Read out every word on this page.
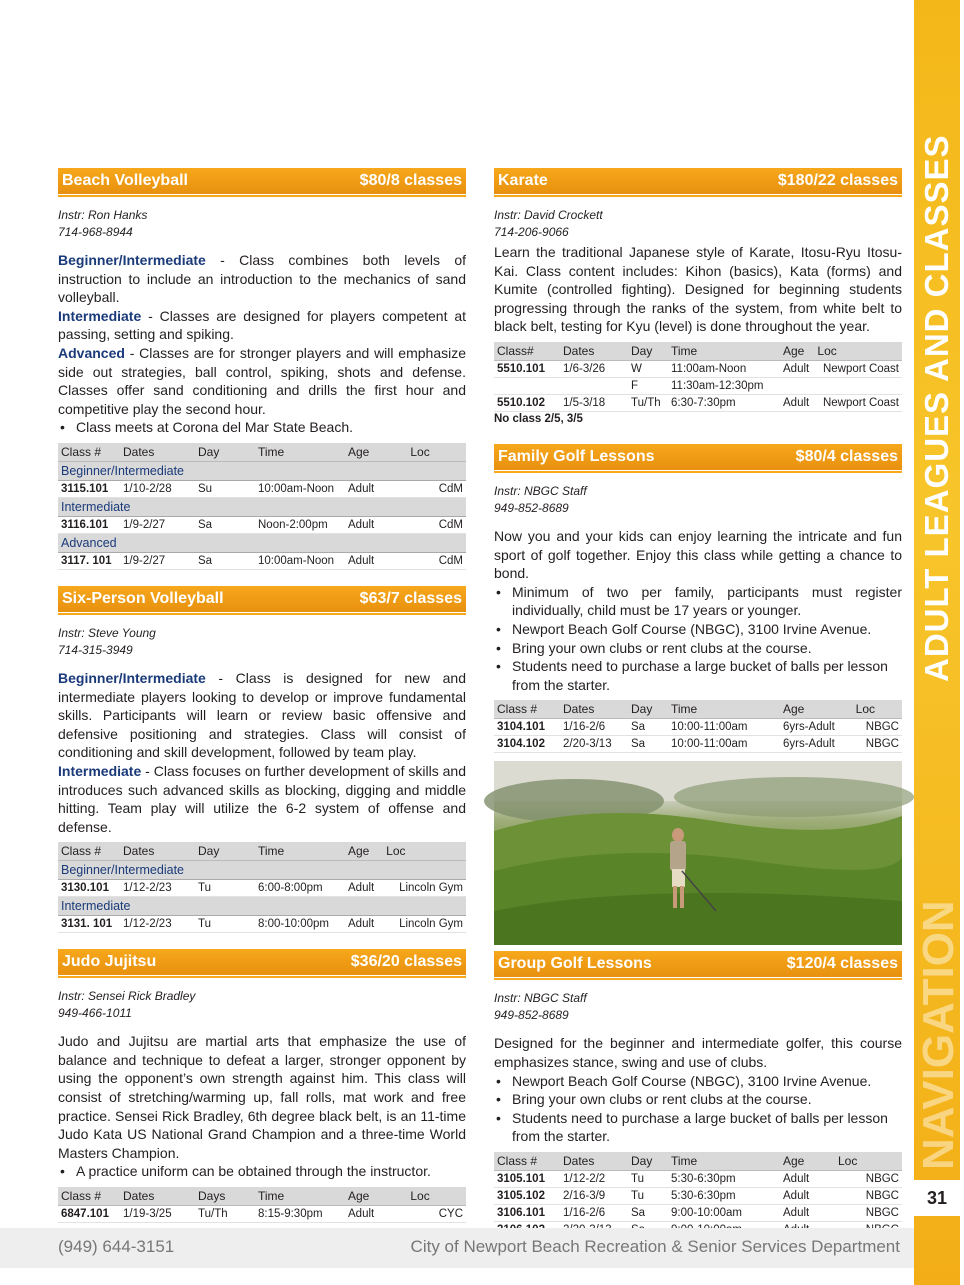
ADULT LEAGUES AND CLASSES
NAVIGATION
31
Beach Volleyball	$80/8 classes
Instr: Ron Hanks
714-968-8944
Beginner/Intermediate - Class combines both levels of instruction to include an introduction to the mechanics of sand volleyball.
Intermediate - Classes are designed for players competent at passing, setting and spiking.
Advanced - Classes are for stronger players and will emphasize side out strategies, ball control, spiking, shots and defense. Classes offer sand conditioning and drills the first hour and competitive play the second hour.
• Class meets at Corona del Mar State Beach.
Class #	Dates	Day	Time	Age	Loc
Beginner/Intermediate					
3115.101	1/10-2/28	Su	10:00am-Noon	Adult	CdM
Intermediate					
3116.101	1/9-2/27	Sa	Noon-2:00pm	Adult	CdM
Advanced					
3117. 101	1/9-2/27	Sa	10:00am-Noon	Adult	CdM
Six-Person Volleyball	$63/7 classes
Instr: Steve Young
714-315-3949
Beginner/Intermediate - Class is designed for new and intermediate players looking to develop or improve fundamental skills. Participants will learn or review basic offensive and defensive positioning and strategies. Class will consist of conditioning and skill development, followed by team play.
Intermediate - Class focuses on further development of skills and introduces such advanced skills as blocking, digging and middle hitting. Team play will utilize the 6-2 system of offense and defense.
Class #	Dates	Day	Time	Age	Loc
Beginner/Intermediate					
3130.101	1/12-2/23	Tu	6:00-8:00pm	Adult	Lincoln Gym
Intermediate					
3131. 101	1/12-2/23	Tu	8:00-10:00pm	Adult	Lincoln Gym
Judo Jujitsu	$36/20 classes
Instr: Sensei Rick Bradley
949-466-1011
Judo and Jujitsu are martial arts that emphasize the use of balance and technique to defeat a larger, stronger opponent by using the opponent’s own strength against him. This class will consist of stretching/warming up, fall rolls, mat work and free practice. Sensei Rick Bradley, 6th degree black belt, is an 11-time Judo Kata US National Grand Champion and a three-time World Masters Champion.
• A practice uniform can be obtained through the instructor.
Class #	Dates	Days	Time	Age	Loc
6847.101	1/19-3/25	Tu/Th	8:15-9:30pm	Adult	CYC
Karate	$180/22 classes
Instr: David Crockett
714-206-9066
Learn the traditional Japanese style of Karate, Itosu-Ryu Itosu-Kai. Class content includes: Kihon (basics), Kata (forms) and Kumite (controlled fighting). Designed for beginning students progressing through the ranks of the system, from white belt to black belt, testing for Kyu (level) is done throughout the year.
Class#	Dates	Day	Time	Age	Loc
5510.101	1/6-3/26	W	11:00am-Noon	Adult	Newport Coast
		F	11:30am-12:30pm		
5510.102	1/5-3/18	Tu/Th	6:30-7:30pm	Adult	Newport Coast
No class 2/5, 3/5
Family Golf Lessons	$80/4 classes
Instr: NBGC Staff
949-852-8689
Now you and your kids can enjoy learning the intricate and fun sport of golf together. Enjoy this class while getting a chance to bond.
• Minimum of two per family, participants must register individually, child must be 17 years or younger.
• Newport Beach Golf Course (NBGC), 3100 Irvine Avenue.
• Bring your own clubs or rent clubs at the course.
• Students need to purchase a large bucket of balls per lesson from the starter.
Class #	Dates	Day	Time	Age	Loc
3104.101	1/16-2/6	Sa	10:00-11:00am	6yrs-Adult	NBGC
3104.102	2/20-3/13	Sa	10:00-11:00am	6yrs-Adult	NBGC
Group Golf Lessons	$120/4 classes
Instr: NBGC Staff
949-852-8689
Designed for the beginner and intermediate golfer, this course emphasizes stance, swing and use of clubs.
• Newport Beach Golf Course (NBGC), 3100 Irvine Avenue.
• Bring your own clubs or rent clubs at the course.
• Students need to purchase a large bucket of balls per lesson from the starter.
Class #	Dates	Day	Time	Age	Loc
3105.101	1/12-2/2	Tu	5:30-6:30pm	Adult	NBGC
3105.102	2/16-3/9	Tu	5:30-6:30pm	Adult	NBGC
3106.101	1/16-2/6	Sa	9:00-10:00am	Adult	NBGC

(949) 644-3151	City of Newport Beach Recreation & Senior Services Department
